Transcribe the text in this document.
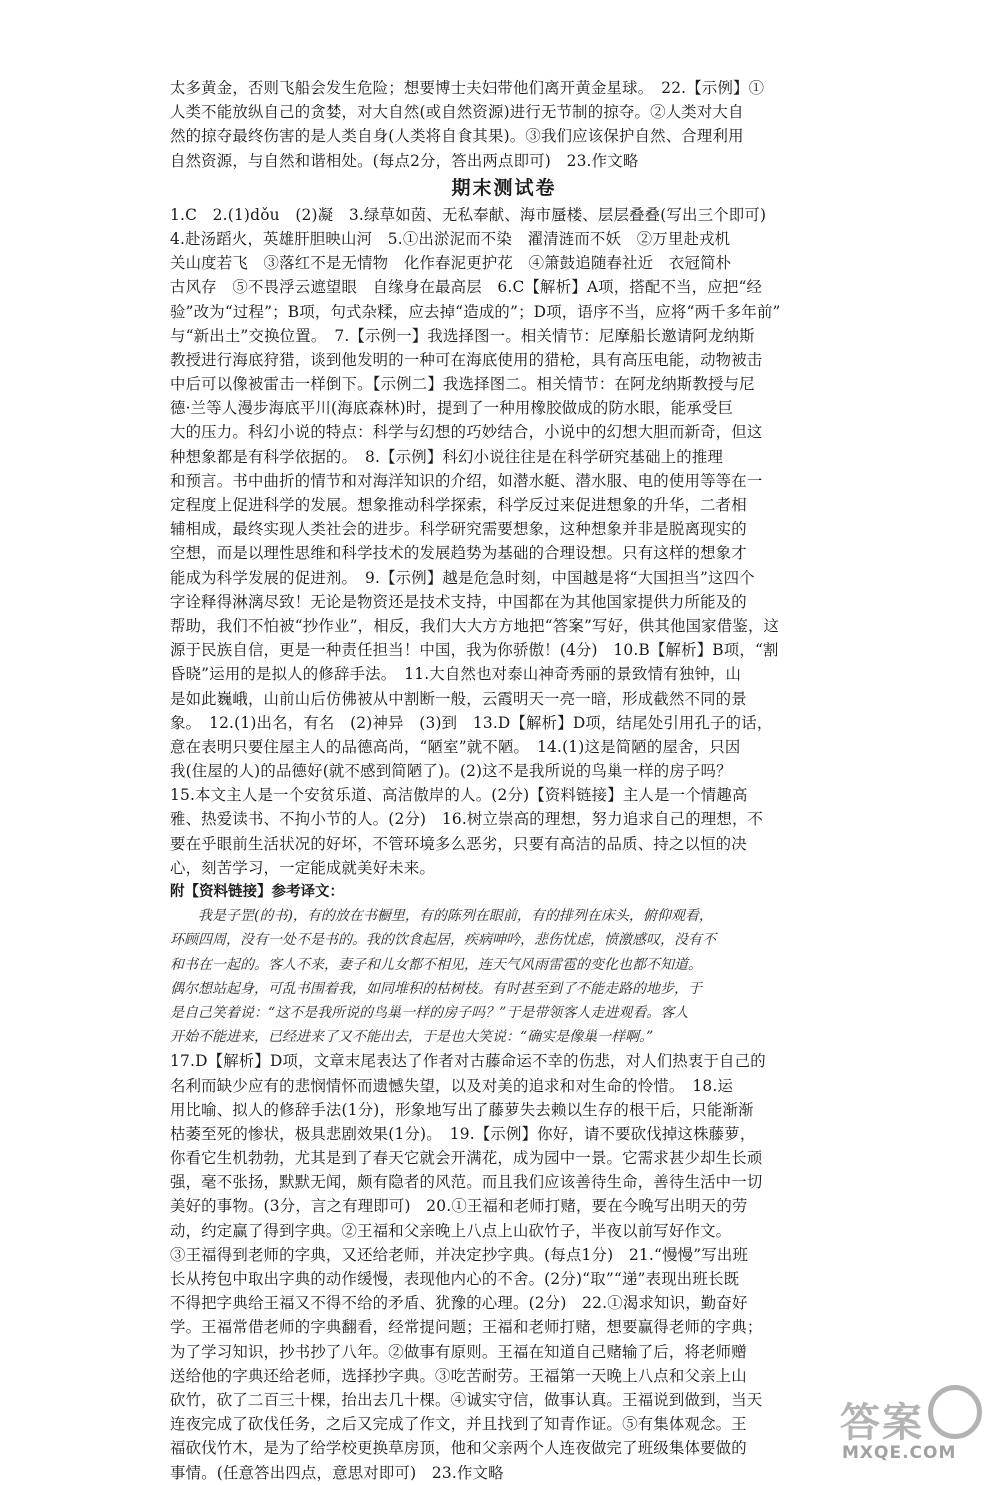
太多黄金，否则飞船会发生危险；想要博士夫妇带他们离开黄金星球。　22.【示例】①
人类不能放纵自己的贪婪，对大自然(或自然资源)进行无节制的掠夺。②人类对大自
然的掠夺最终伤害的是人类自身(人类将自食其果)。③我们应该保护自然、合理利用
自然资源，与自然和谐相处。(每点2分，答出两点即可)　23.作文略
期末测试卷
1.C　2.(1)dǒu　(2)凝　3.绿草如茵、无私奉献、海市蜃楼、层层叠叠(写出三个即可)
4.赴汤蹈火，英雄肝胆映山河　5.①出淤泥而不染　濯清涟而不妖　②万里赴戎机
关山度若飞　③落红不是无情物　化作春泥更护花　④箫鼓追随春社近　衣冠简朴
古风存　⑤不畏浮云遮望眼　自缘身在最高层　6.C【解析】A项，搭配不当，应把“经
验”改为“过程”；B项，句式杂糅，应去掉“造成的”；D项，语序不当，应将“两千多年前”
与“新出土”交换位置。　7.【示例一】我选择图一。相关情节：尼摩船长邀请阿龙纳斯
教授进行海底狩猎，谈到他发明的一种可在海底使用的猎枪，具有高压电能，动物被击
中后可以像被雷击一样倒下。【示例二】我选择图二。相关情节：在阿龙纳斯教授与尼
德·兰等人漫步海底平川(海底森林)时，提到了一种用橡胶做成的防水眼，能承受巨
大的压力。科幻小说的特点：科学与幻想的巧妙结合，小说中的幻想大胆而新奇，但这
种想象都是有科学依据的。　8.【示例】科幻小说往往是在科学研究基础上的推理
和预言。书中曲折的情节和对海洋知识的介绍，如潜水艇、潜水服、电的使用等等在一
定程度上促进科学的发展。想象推动科学探索，科学反过来促进想象的升华，二者相
辅相成，最终实现人类社会的进步。科学研究需要想象，这种想象并非是脱离现实的
空想，而是以理性思维和科学技术的发展趋势为基础的合理设想。只有这样的想象才
能成为科学发展的促进剂。　9.【示例】越是危急时刻，中国越是将“大国担当”这四个
字诠释得淋漓尽致！无论是物资还是技术支持，中国都在为其他国家提供力所能及的
帮助，我们不怕被“抄作业”，相反，我们大大方方地把“答案”写好，供其他国家借鉴，这
源于民族自信，更是一种责任担当！中国，我为你骄傲！(4分)　10.B【解析】B项，“割
昏晓”运用的是拟人的修辞手法。　11.大自然也对泰山神奇秀丽的景致情有独钟，山
是如此巍峨，山前山后仿佛被从中割断一般，云霞明天一亮一暗，形成截然不同的景
象。　12.(1)出名，有名　(2)神异　(3)到　13.D【解析】D项，结尾处引用孔子的话，
意在表明只要住屋主人的品德高尚，“陋室”就不陋。　14.(1)这是简陋的屋舍，只因
我(住屋的人)的品德好(就不感到简陋了)。(2)这不是我所说的鸟巢一样的房子吗？
15.本文主人是一个安贫乐道、高洁傲岸的人。(2分)【资料链接】主人是一个情趣高
雅、热爱读书、不拘小节的人。(2分)　16.树立崇高的理想，努力追求自己的理想，不
要在乎眼前生活状况的好坏，不管环境多么恶劣，只要有高洁的品质、持之以恒的决
心，刻苦学习，一定能成就美好未来。
附【资料链接】参考译文：
　　我是子罡(的书)，有的放在书橱里，有的陈列在眼前，有的排列在床头，俯仰观看，
环顾四周，没有一处不是书的。我的饮食起居，疾病呻吟，悲伤忧虑，愤激感叹，没有不
和书在一起的。客人不来，妻子和儿女都不相见，连天气风雨雷雹的变化也都不知道。
偶尔想站起身，可乱书围着我，如同堆积的枯树枝。有时甚至到了不能走路的地步，于
是自己笑着说：“这不是我所说的鸟巢一样的房子吗？”于是带领客人走进观看。客人
开始不能进来，已经进来了又不能出去，于是也大笑说：“确实是像巢一样啊。”
17.D【解析】D项，文章末尾表达了作者对古藤命运不幸的伤悲，对人们热衷于自己的
名利而缺少应有的悲悯情怀而遗憾失望，以及对美的追求和对生命的怜惜。　18.运
用比喻、拟人的修辞手法(1分)，形象地写出了藤萝失去赖以生存的根干后，只能渐渐
枯萎至死的惨状，极具悲剧效果(1分)。　19.【示例】你好，请不要砍伐掉这株藤萝，
你看它生机勃勃，尤其是到了春天它就会开满花，成为园中一景。它需求甚少却生长顽
强，毫不张扬，默默无闻，颇有隐者的风范。而且我们应该善待生命，善待生活中一切
美好的事物。(3分，言之有理即可)　20.①王福和老师打赌，要在今晚写出明天的劳
动，约定赢了得到字典。②王福和父亲晚上八点上山砍竹子，半夜以前写好作文。
③王福得到老师的字典，又还给老师，并决定抄字典。(每点1分)　21.“慢慢”写出班
长从挎包中取出字典的动作缓慢，表现他内心的不舍。(2分)“取”“递”表现出班长既
不得把字典给王福又不得不给的矛盾、犹豫的心理。(2分)　22.①渴求知识，勤奋好
学。王福常借老师的字典翻看，经常提问题；王福和老师打赌，想要赢得老师的字典；
为了学习知识，抄书抄了八年。②做事有原则。王福在知道自己赌输了后，将老师赠
送给他的字典还给老师，选择抄字典。③吃苦耐劳。王福第一天晚上八点和父亲上山
砍竹，砍了二百三十棵，抬出去几十棵。④诚实守信，做事认真。王福说到做到，当天
连夜完成了砍伐任务，之后又完成了作文，并且找到了知青作证。⑤有集体观念。王
福砍伐竹木，是为了给学校更换草房顶，他和父亲两个人连夜做完了班级集体要做的
事情。(任意答出四点，意思对即可)　23.作文略
答案
MXQE.COM
